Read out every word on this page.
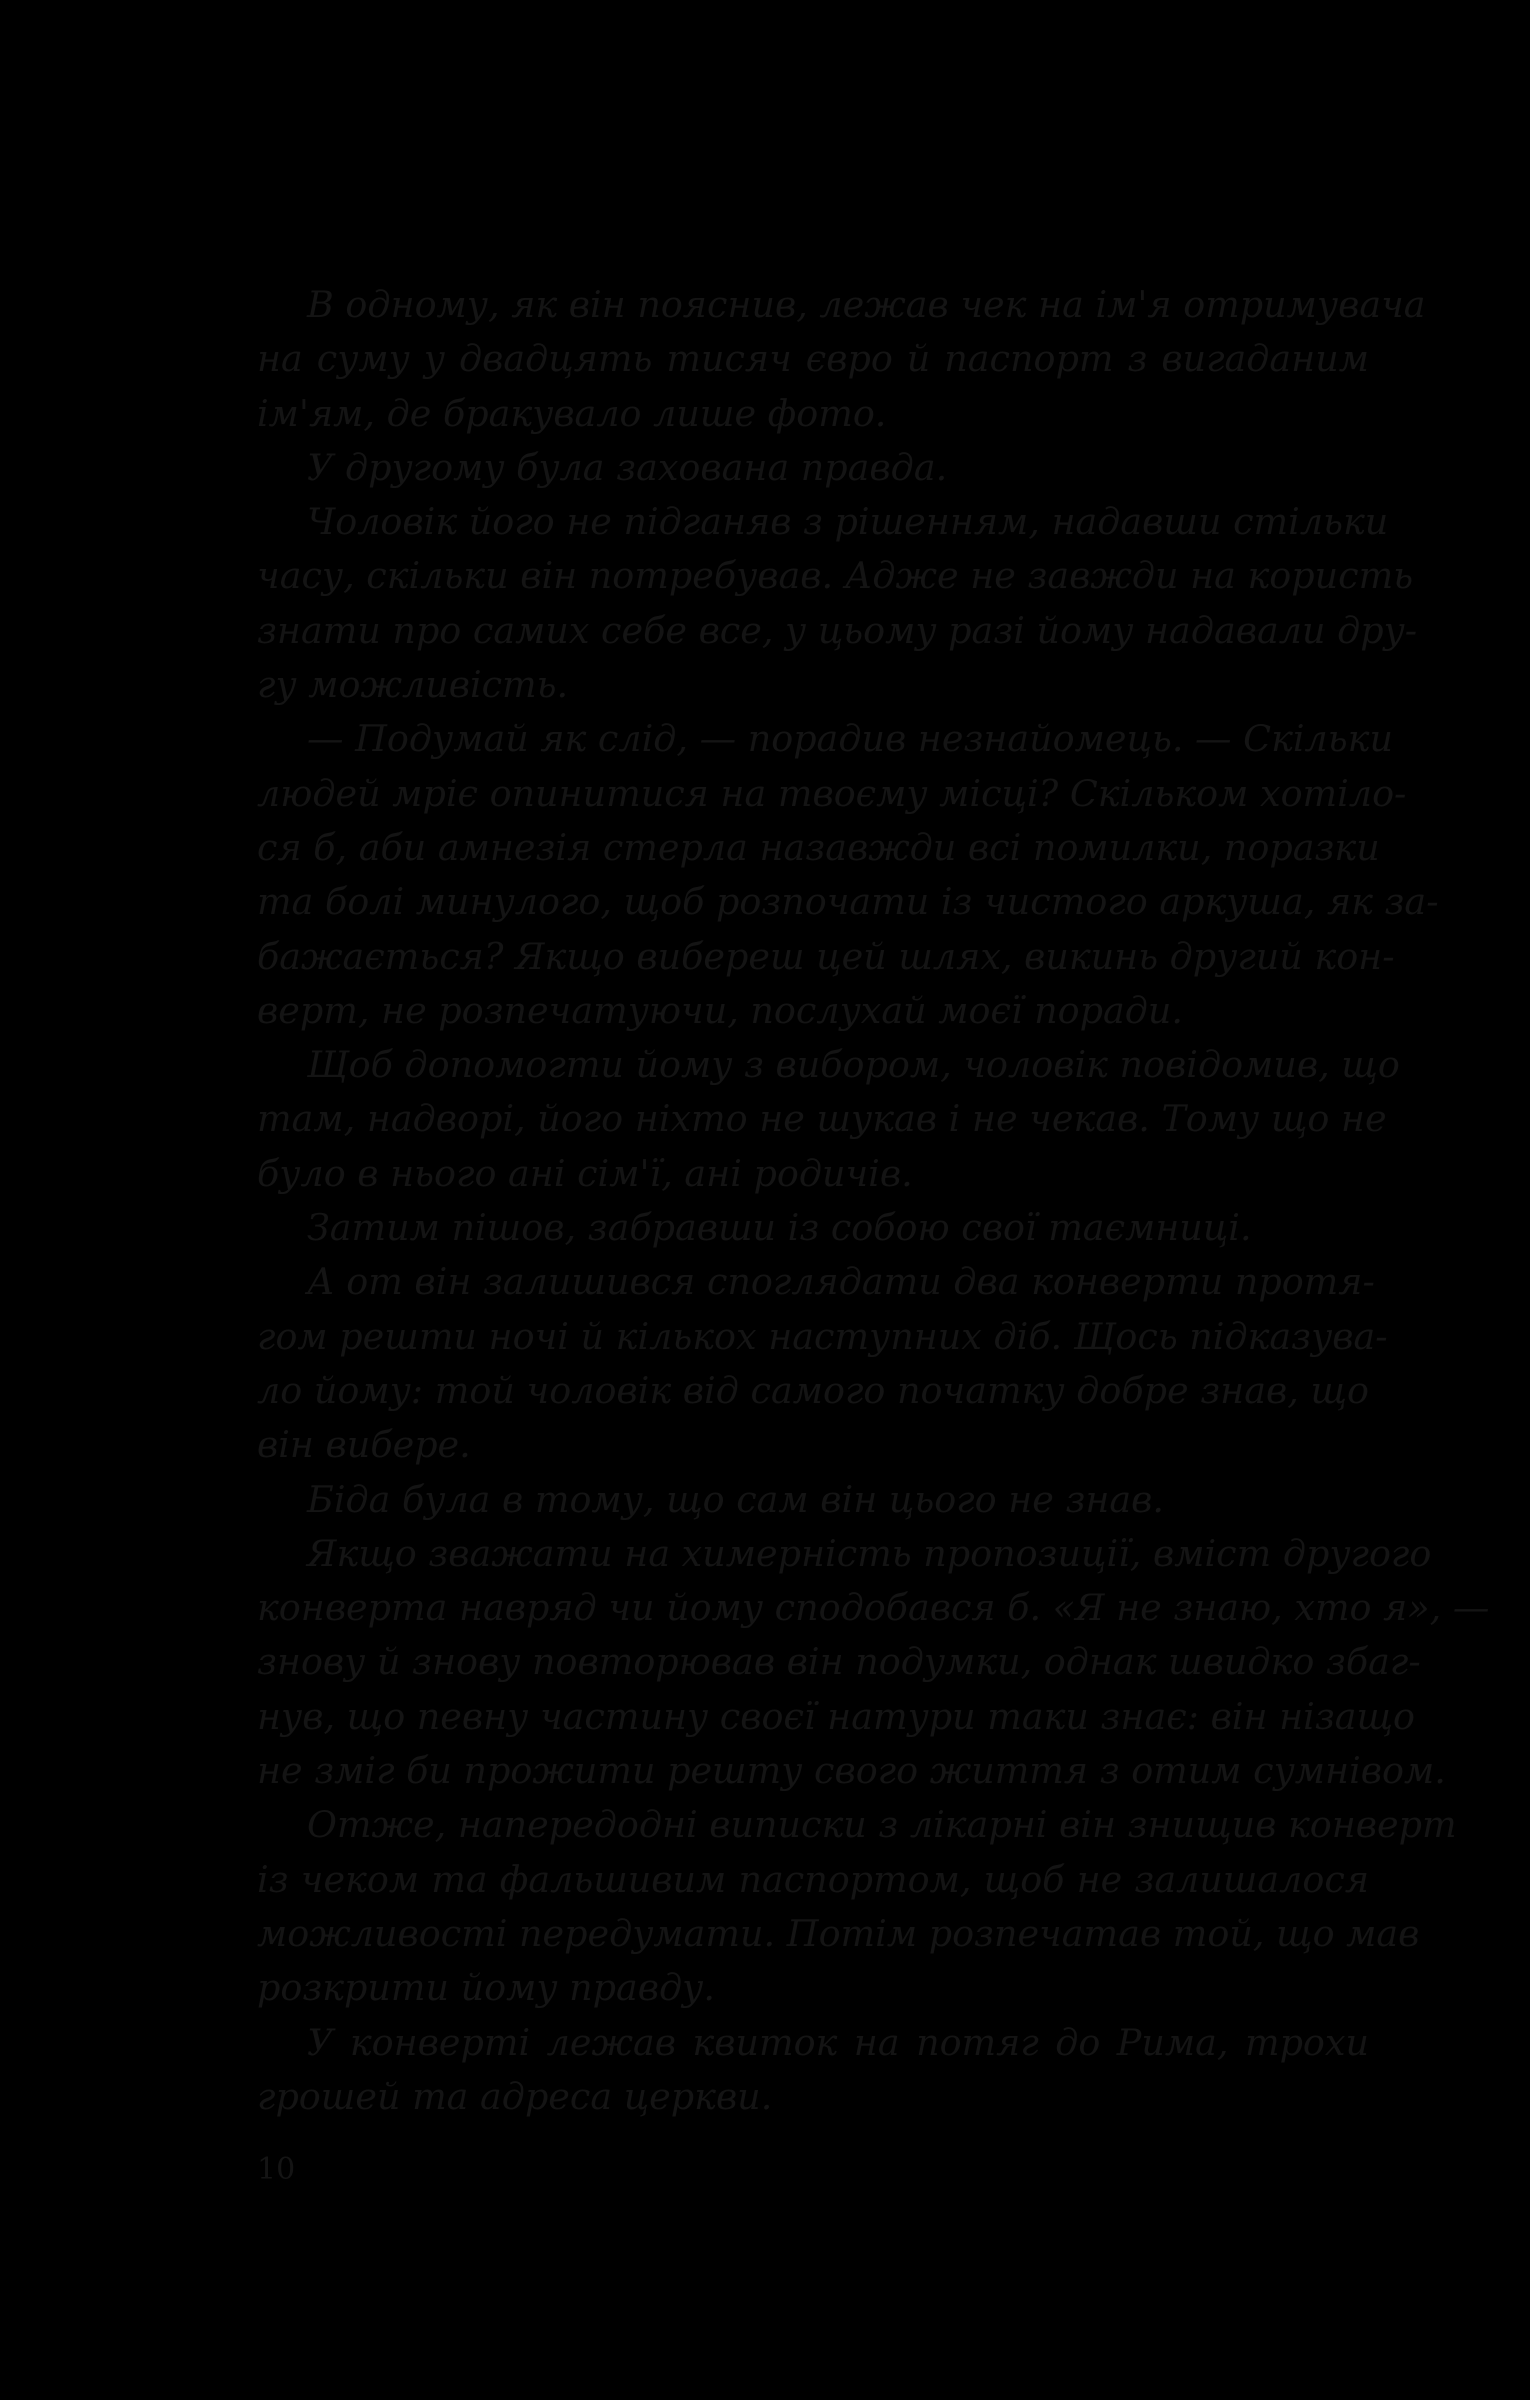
В одному, як він пояснив, лежав чек на ім'я отримувача
на суму у двадцять тисяч євро й паспорт з вигаданим
ім'ям, де бракувало лише фото.
У другому була захована правда.
Чоловік його не підганяв з рішенням, надавши стільки
часу, скільки він потребував. Адже не завжди на користь
знати про самих себе все, у цьому разі йому надавали дру-
гу можливість.
— Подумай як слід, — порадив незнайомець. — Скільки
людей мріє опинитися на твоєму місці? Скільком хотіло-
ся б, аби амнезія стерла назавжди всі помилки, поразки
та болі минулого, щоб розпочати із чистого аркуша, як за-
бажається? Якщо вибереш цей шлях, викинь другий кон-
верт, не розпечатуючи, послухай моєї поради.
Щоб допомогти йому з вибором, чоловік повідомив, що
там, надворі, його ніхто не шукав і не чекав. Тому що не
було в нього ані сім'ї, ані родичів.
Затим пішов, забравши із собою свої таємниці.
А от він залишився споглядати два конверти протя-
гом решти ночі й кількох наступних діб. Щось підказува-
ло йому: той чоловік від самого початку добре знав, що
він вибере.
Біда була в тому, що сам він цього не знав.
Якщо зважати на химерність пропозиції, вміст другого
конверта навряд чи йому сподобався б. «Я не знаю, хто я», —
знову й знову повторював він подумки, однак швидко збаг-
нув, що певну частину своєї натури таки знає: він нізащо
не зміг би прожити решту свого життя з отим сумнівом.
Отже, напередодні виписки з лікарні він знищив конверт
із чеком та фальшивим паспортом, щоб не залишалося
можливості передумати. Потім розпечатав той, що мав
розкрити йому правду.
У конверті лежав квиток на потяг до Рима, трохи
грошей та адреса церкви.
10
